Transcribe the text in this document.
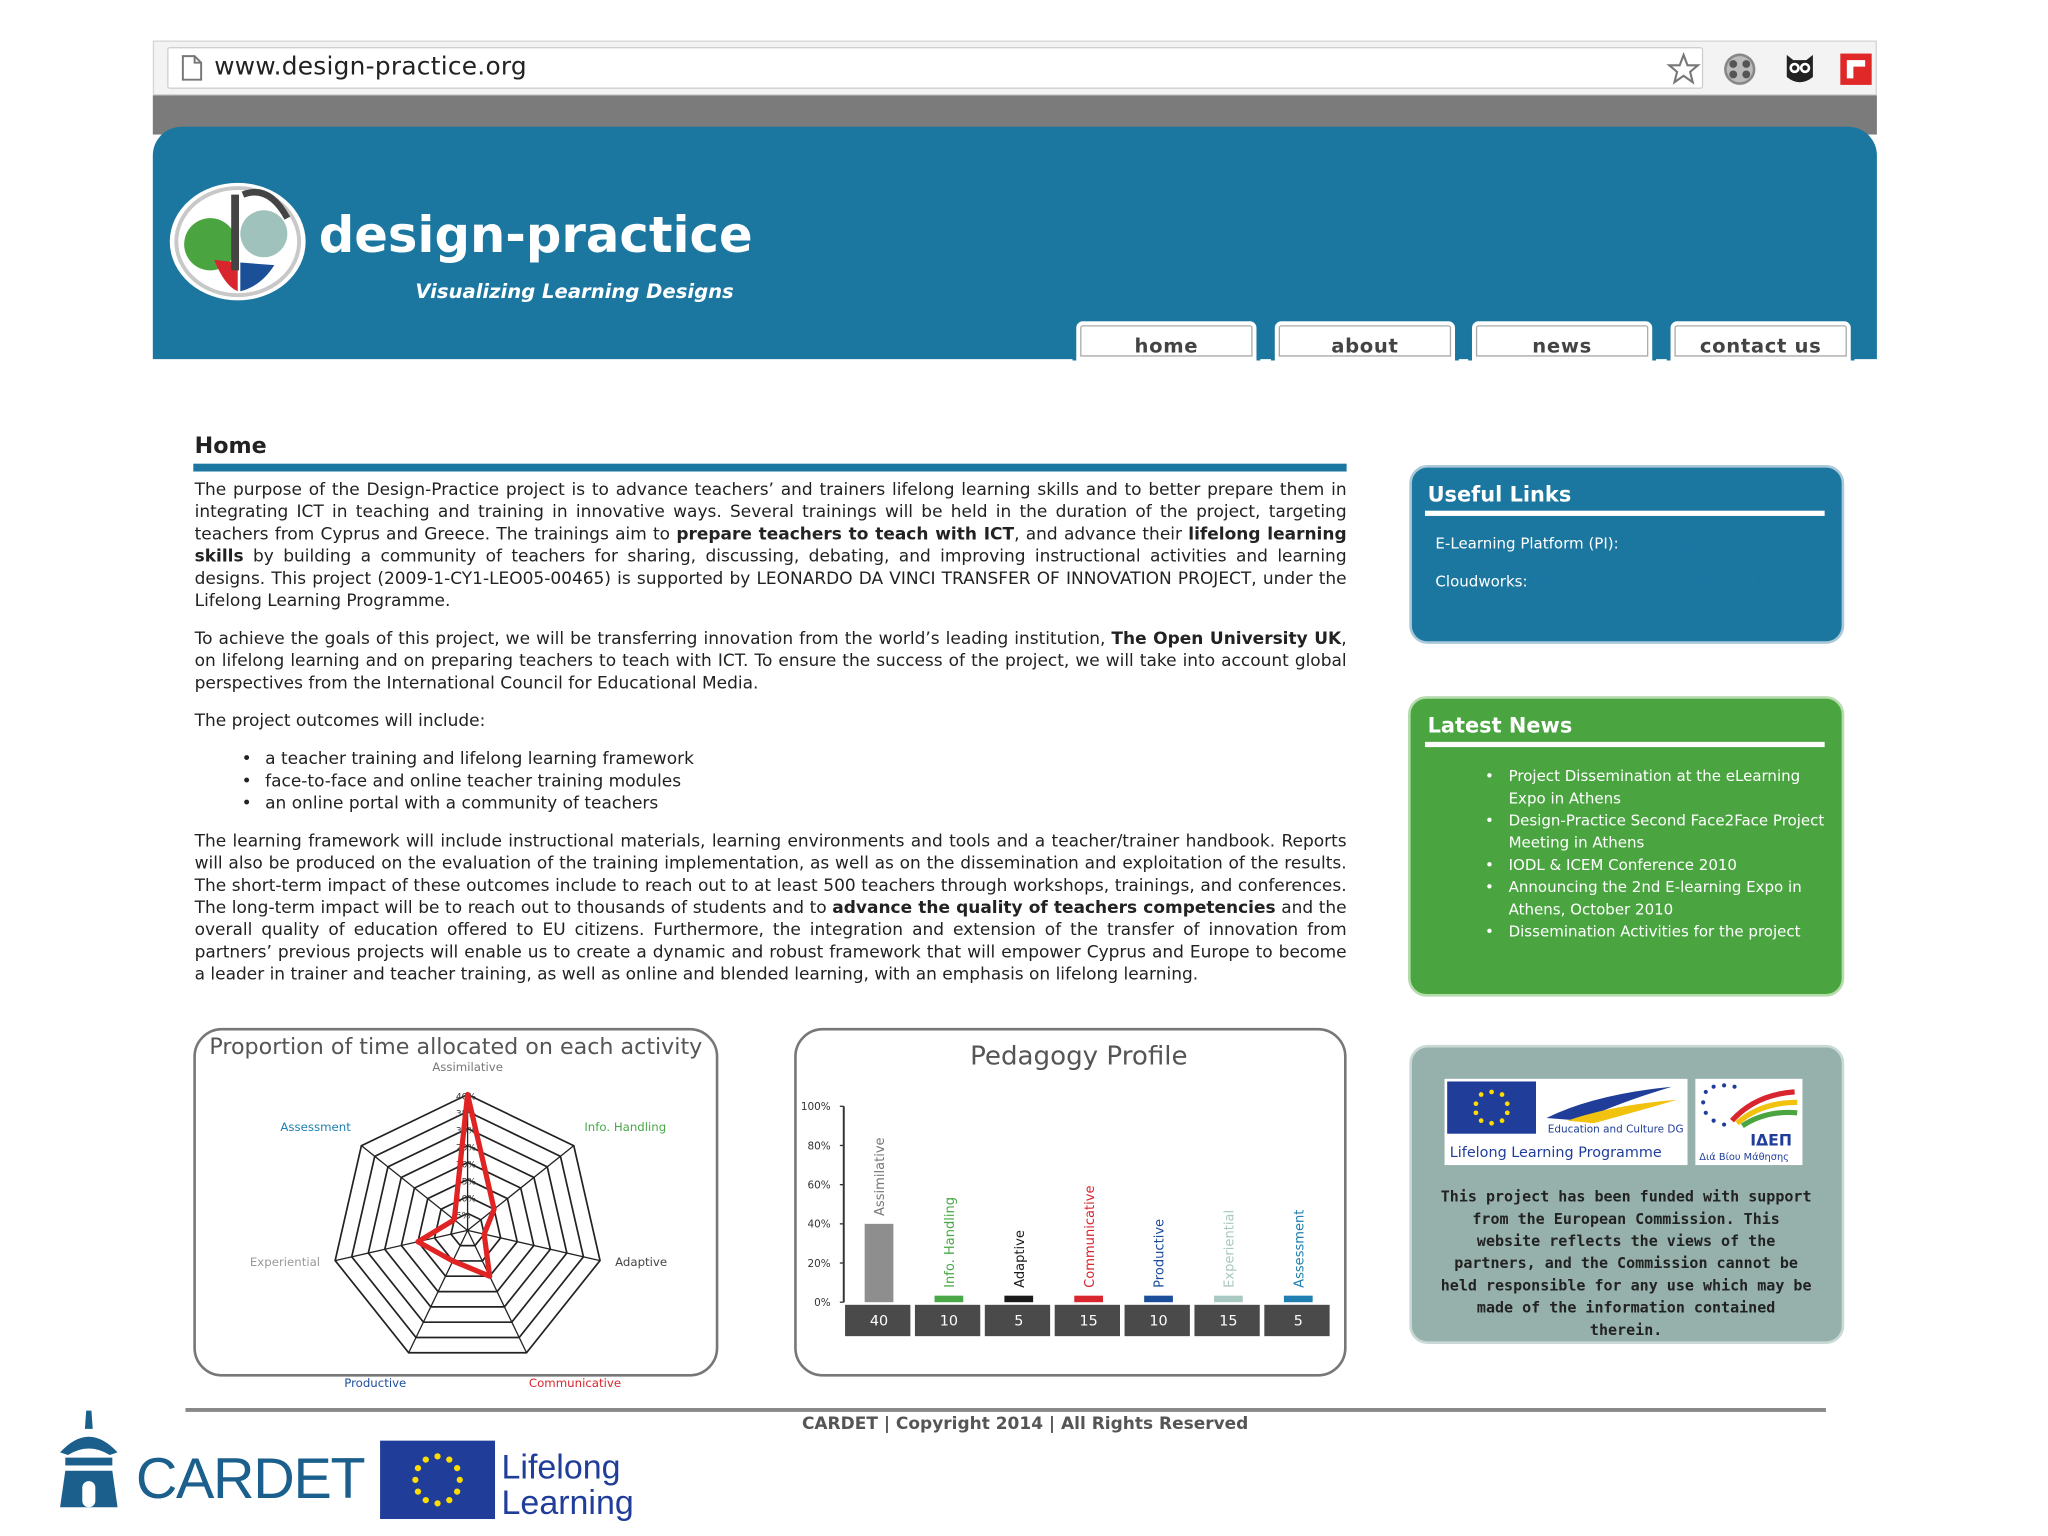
www.design-practice.org
design-practice
Visualizing Learning Designs
home	about	news	contact us
Home

The purpose of the Design-Practice project is to advance teachers’ and trainers lifelong learning skills and to better prepare them in integrating ICT in teaching and training in innovative ways. Several trainings will be held in the duration of the project, targeting teachers from Cyprus and Greece. The trainings aim to prepare teachers to teach with ICT, and advance their lifelong learning skills by building a community of teachers for sharing, discussing, debating, and improving instructional activities and learning designs. This project (2009-1-CY1-LEO05-00465) is supported by LEONARDO DA VINCI TRANSFER OF INNOVATION PROJECT, under the Lifelong Learning Programme.

To achieve the goals of this project, we will be transferring innovation from the world’s leading institution, The Open University UK, on lifelong learning and on preparing teachers to teach with ICT. To ensure the success of the project, we will take into account global perspectives from the International Council for Educational Media.

The project outcomes will include:

• a teacher training and lifelong learning framework
• face-to-face and online teacher training modules
• an online portal with a community of teachers

The learning framework will include instructional materials, learning environments and tools and a teacher/trainer handbook. Reports will also be produced on the evaluation of the training implementation, as well as on the dissemination and exploitation of the results. The short-term impact of these outcomes include to reach out to at least 500 teachers through workshops, trainings, and conferences. The long-term impact will be to reach out to thousands of students and to advance the quality of teachers competencies and the overall quality of education offered to EU citizens. Furthermore, the integration and extension of the transfer of innovation from partners’ previous projects will enable us to create a dynamic and robust framework that will empower Cyprus and Europe to become a leader in trainer and teacher training, as well as online and blended learning, with an emphasis on lifelong learning.

Proportion of time allocated on each activity
40%
35%
30%
25%
20%
15%
10%
5%
Assimilative
Info. Handling
Adaptive
Communicative
Productive
Experiential
Assessment
Pedagogy Profile
100%
80%
60%
40%
20%
0%
Assimilative
40
Info. Handling
10
Adaptive
5
Communicative
15
Productive
10
Experiential
15
Assessment
5
Useful Links
E-Learning Platform (PI): Training material
Cloudworks: Online Teachers' community
Latest News
• Project Dissemination at the eLearning Expo in Athens
• Design-Practice Second Face2Face Project Meeting in Athens
• IODL & ICEM Conference 2010
• Announcing the 2nd E-learning Expo in Athens, October 2010
• Dissemination Activities for the project
Education and Culture DG
Lifelong Learning Programme
ΙΔΕΠ
Διά Βίου Μάθησης
This project has been funded with support from the European Commission. This website reflects the views of the partners, and the Commission cannot be held responsible for any use which may be made of the information contained therein.
CARDET | Copyright 2014 | All Rights Reserved
CARDET	Lifelong
Learning
